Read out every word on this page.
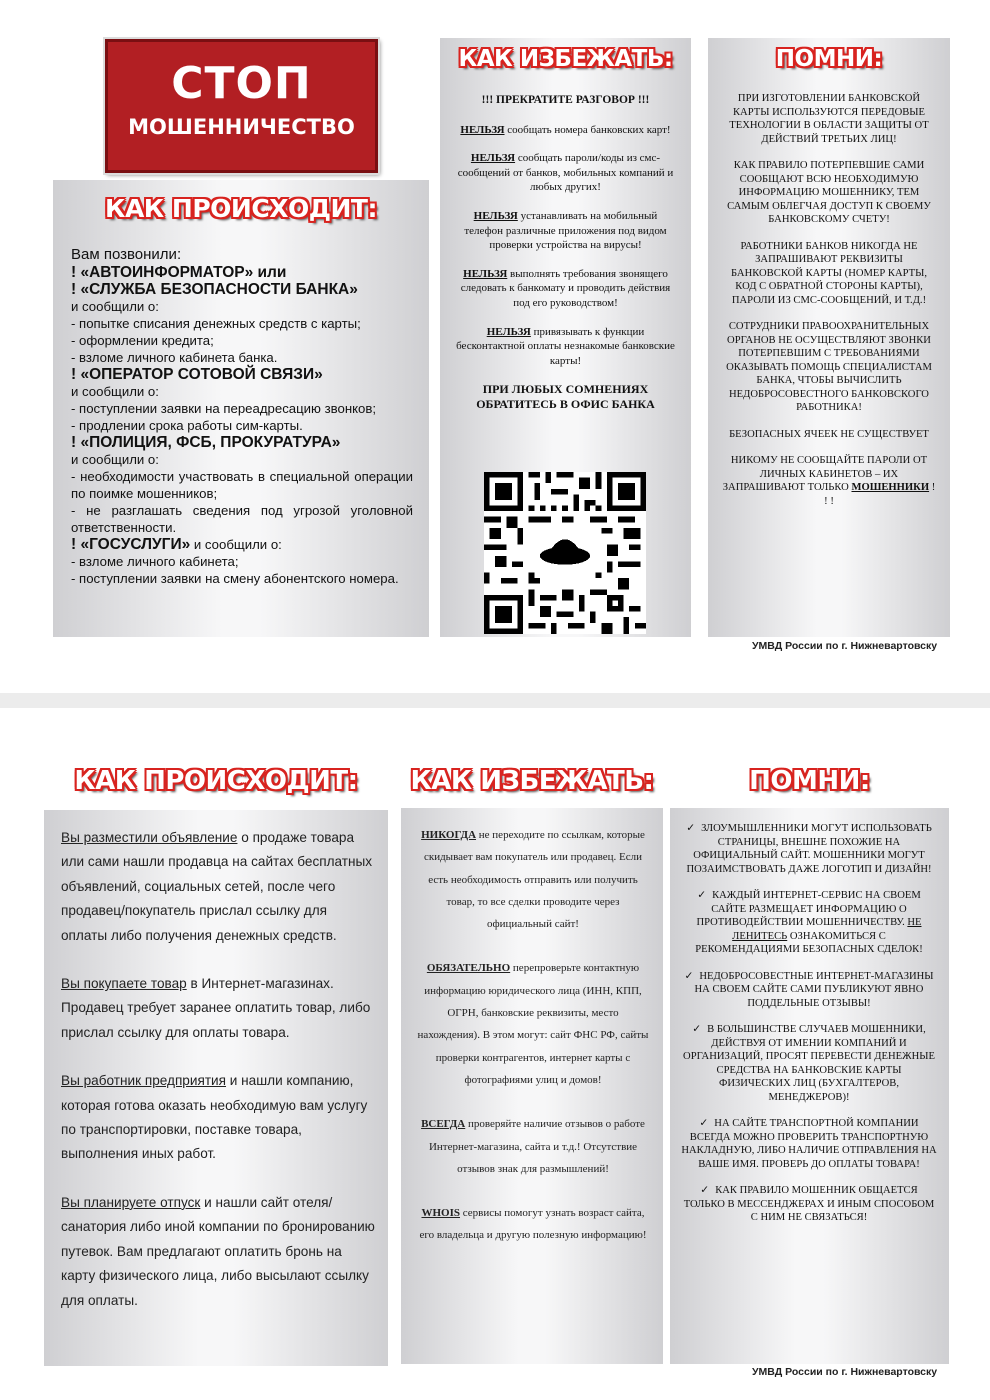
СТОП
МОШЕННИЧЕСТВО
КАК ПРОИСХОДИТ:
Вам позвонили:
! «АВТОИНФОРМАТОР» или
! «СЛУЖБА БЕЗОПАСНОСТИ БАНКА»
и сообщили о:
- попытке списания денежных средств с карты;
- оформлении кредита;
- взломе личного кабинета банка.
! «ОПЕРАТОР СОТОВОЙ СВЯЗИ»
и сообщили о:
- поступлении заявки на переадресацию звонков;
- продлении срока работы сим-карты.
! «ПОЛИЦИЯ, ФСБ, ПРОКУРАТУРА»
и сообщили о:
- необходимости участвовать в специальной операции по поимке мошенников;
- не разглашать сведения под угрозой уголовной ответственности.
! «ГОСУСЛУГИ» и сообщили о:
- взломе личного кабинета;
- поступлении заявки на смену абонентского номера.
КАК ИЗБЕЖАТЬ:

!!! ПРЕКРАТИТЕ РАЗГОВОР !!!

НЕЛЬЗЯ сообщать номера банковских карт!

НЕЛЬЗЯ сообщать пароли/коды из смс-сообщений от банков, мобильных компаний и любых других!

НЕЛЬЗЯ устанавливать на мобильный телефон различные приложения под видом проверки устройства на вирусы!

НЕЛЬЗЯ выполнять требования звонящего следовать к банкомату и проводить действия под его руководством!

НЕЛЬЗЯ привязывать к функции бесконтактной оплаты незнакомые банковские карты!

ПРИ ЛЮБЫХ СОМНЕНИЯХ ОБРАТИТЕСЬ В ОФИС БАНКА

ПОМНИ:

ПРИ ИЗГОТОВЛЕНИИ БАНКОВСКОЙ КАРТЫ ИСПОЛЬЗУЮТСЯ ПЕРЕДОВЫЕ ТЕХНОЛОГИИ В ОБЛАСТИ ЗАЩИТЫ ОТ ДЕЙСТВИЙ ТРЕТЬИХ ЛИЦ!

КАК ПРАВИЛО ПОТЕРПЕВШИЕ САМИ СООБЩАЮТ ВСЮ НЕОБХОДИМУЮ ИНФОРМАЦИЮ МОШЕННИКУ, ТЕМ САМЫМ ОБЛЕГЧАЯ ДОСТУП К СВОЕМУ БАНКОВСКОМУ СЧЕТУ!

РАБОТНИКИ БАНКОВ НИКОГДА НЕ ЗАПРАШИВАЮТ РЕКВИЗИТЫ БАНКОВСКОЙ КАРТЫ (НОМЕР КАРТЫ, КОД С ОБРАТНОЙ СТОРОНЫ КАРТЫ), ПАРОЛИ ИЗ СМС-СООБЩЕНИЙ, И Т.Д.!

СОТРУДНИКИ ПРАВООХРАНИТЕЛЬНЫХ ОРГАНОВ НЕ ОСУЩЕСТВЛЯЮТ ЗВОНКИ ПОТЕРПЕВШИМ С ТРЕБОВАНИЯМИ ОКАЗЫВАТЬ ПОМОЩЬ СПЕЦИАЛИСТАМ БАНКА, ЧТОБЫ ВЫЧИСЛИТЬ НЕДОБРОСОВЕСТНОГО БАНКОВСКОГО РАБОТНИКА!

БЕЗОПАСНЫХ ЯЧЕЕК НЕ СУЩЕСТВУЕТ

НИКОМУ НЕ СООБЩАЙТЕ ПАРОЛИ ОТ ЛИЧНЫХ КАБИНЕТОВ – ИХ ЗАПРАШИВАЮТ ТОЛЬКО МОШЕННИКИ ! ! !

УМВД России по г. Нижневартовску
КАК ПРОИСХОДИТ:	КАК ИЗБЕЖАТЬ:	ПОМНИ:

Вы разместили объявление о продаже товара или сами нашли продавца на сайтах бесплатных объявлений, социальных сетей, после чего продавец/покупатель прислал ссылку для оплаты либо получения денежных средств.

Вы покупаете товар в Интернет-магазинах. Продавец требует заранее оплатить товар, либо прислал ссылку для оплаты товара.

Вы работник предприятия и нашли компанию, которая готова оказать необходимую вам услугу по транспортировки, поставке товара, выполнения иных работ.

Вы планируете отпуск и нашли сайт отеля/санатория либо иной компании по бронированию путевок. Вам предлагают оплатить бронь на карту физического лица, либо высылают ссылку для оплаты.

НИКОГДА не переходите по ссылкам, которые скидывает вам покупатель или продавец. Если есть необходимость отправить или получить товар, то все сделки проводите через официальный сайт!

ОБЯЗАТЕЛЬНО перепроверьте контактную информацию юридического лица (ИНН, КПП, ОГРН, банковские реквизиты, место нахождения). В этом могут: сайт ФНС РФ, сайты проверки контрагентов, интернет карты с фотографиями улиц и домов!

ВСЕГДА проверяйте наличие отзывов о работе Интернет-магазина, сайта и т.д.! Отсутствие отзывов знак для размышлений!

WHOIS сервисы помогут узнать возраст сайта, его владельца и другую полезную информацию!

✓ ЗЛОУМЫШЛЕННИКИ МОГУТ ИСПОЛЬЗОВАТЬ СТРАНИЦЫ, ВНЕШНЕ ПОХОЖИЕ НА ОФИЦИАЛЬНЫЙ САЙТ. МОШЕННИКИ МОГУТ ПОЗАИМСТВОВАТЬ ДАЖЕ ЛОГОТИП И ДИЗАЙН!

✓ КАЖДЫЙ ИНТЕРНЕТ-СЕРВИС НА СВОЕМ САЙТЕ РАЗМЕЩАЕТ ИНФОРМАЦИЮ О ПРОТИВОДЕЙСТВИИ МОШЕННИЧЕСТВУ. НЕ ЛЕНИТЕСЬ ОЗНАКОМИТЬСЯ С РЕКОМЕНДАЦИЯМИ БЕЗОПАСНЫХ СДЕЛОК!

✓ НЕДОБРОСОВЕСТНЫЕ ИНТЕРНЕТ-МАГАЗИНЫ НА СВОЕМ САЙТЕ САМИ ПУБЛИКУЮТ ЯВНО ПОДДЕЛЬНЫЕ ОТЗЫВЫ!

✓ В БОЛЬШИНСТВЕ СЛУЧАЕВ МОШЕННИКИ, ДЕЙСТВУЯ ОТ ИМЕНИИ КОМПАНИЙ И ОРГАНИЗАЦИЙ, ПРОСЯТ ПЕРЕВЕСТИ ДЕНЕЖНЫЕ СРЕДСТВА НА БАНКОВСКИЕ КАРТЫ ФИЗИЧЕСКИХ ЛИЦ (БУХГАЛТЕРОВ, МЕНЕДЖЕРОВ)!

✓ НА САЙТЕ ТРАНСПОРТНОЙ КОМПАНИИ ВСЕГДА МОЖНО ПРОВЕРИТЬ ТРАНСПОРТНУЮ НАКЛАДНУЮ, ЛИБО НАЛИЧИЕ ОТПРАВЛЕНИЯ НА ВАШЕ ИМЯ. ПРОВЕРЬ ДО ОПЛАТЫ ТОВАРА!

✓ КАК ПРАВИЛО МОШЕННИК ОБЩАЕТСЯ ТОЛЬКО В МЕССЕНДЖЕРАХ И ИНЫМ СПОСОБОМ С НИМ НЕ СВЯЗАТЬСЯ!

УМВД России по г. Нижневартовску
